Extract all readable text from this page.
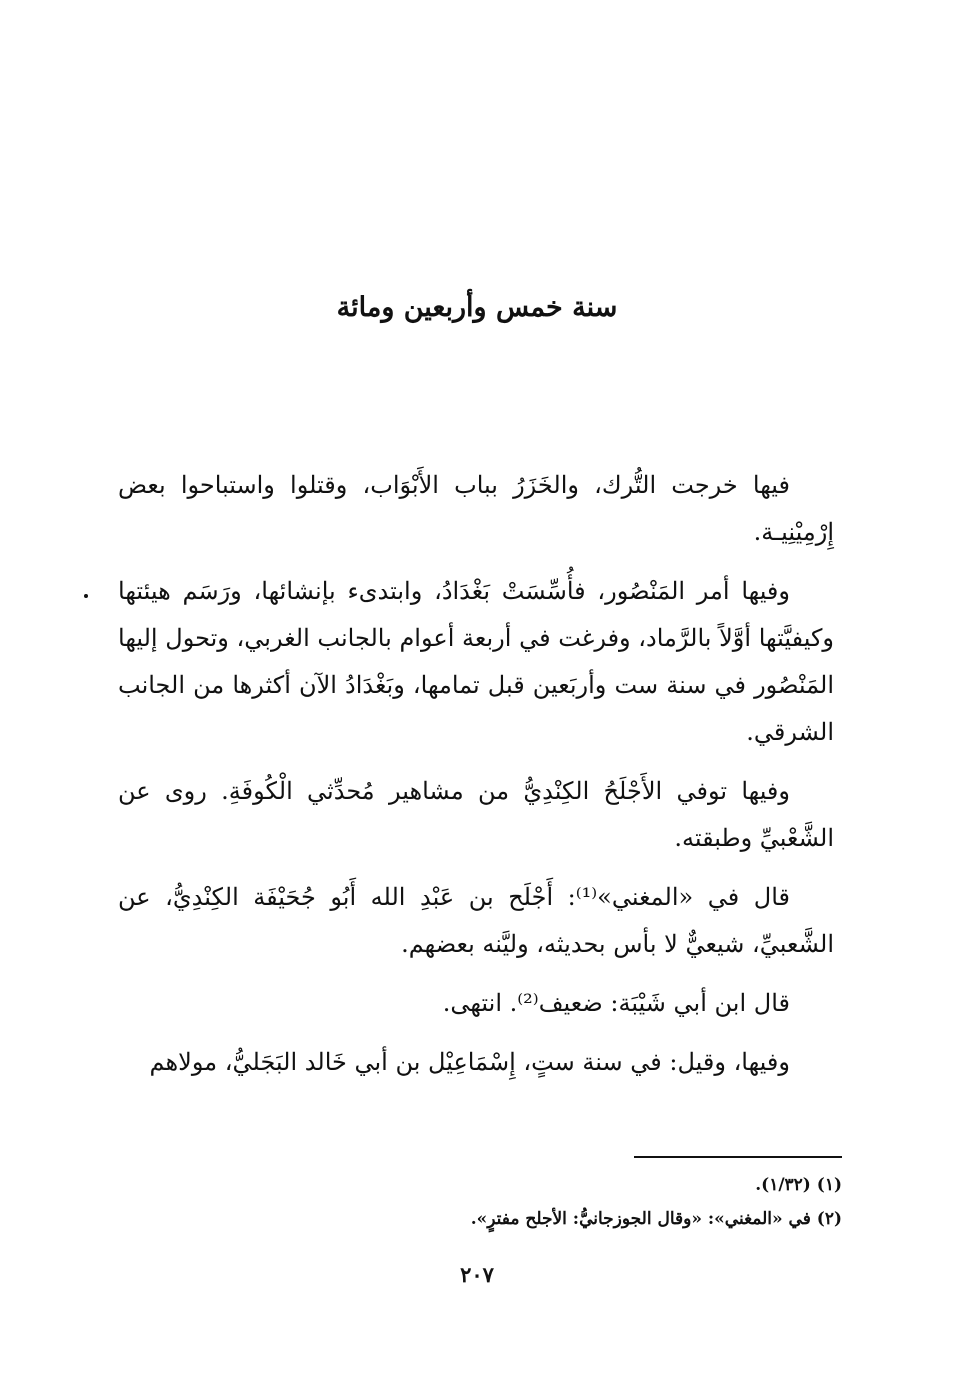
سنة خمس وأربعين ومائة

فيها خرجت التُّرك، والخَزَرُ بباب الأَبْوَاب، وقتلوا واستباحوا بعض إِرْمِيْنِيـة.

وفيها أمر المَنْصُور، فأُسِّسَتْ بَغْدَادُ، وابتدىء بإنشائها، ورَسَم هيئتها وكيفيَّتها أوَّلاً بالرَّماد، وفرغت في أربعة أعوام بالجانب الغربي، وتحول إليها المَنْصُور في سنة ست وأربَعين قبل تمامها، وبَغْدَادُ الآن أكثرها من الجانب الشرقي.

وفيها توفي الأَجْلَحُ الكِنْدِيُّ من مشاهير مُحدِّثي الْكُوفَةِ. روى عن الشَّعْبيِّ وطبقته.

قال في «المغني»⁽¹⁾: أَجْلَح بن عَبْدِ الله أَبُو جُحَيْفَة الكِنْدِيُّ، عن الشَّعبيِّ، شيعيٌّ لا بأس بحديثه، وليَّنه بعضهم.

قال ابن أبي شَيْبَة: ضعيف⁽²⁾. انتهى.

وفيها، وقيل: في سنة ستٍ، إِسْمَاعِيْل بن أبي خَالد البَجَليُّ، مولاهم

(١) (١/٣٢).

(٢) في «المغني»: «وقال الجوزجانيُّ: الأجلح مفترٍ».

٢٠٧
